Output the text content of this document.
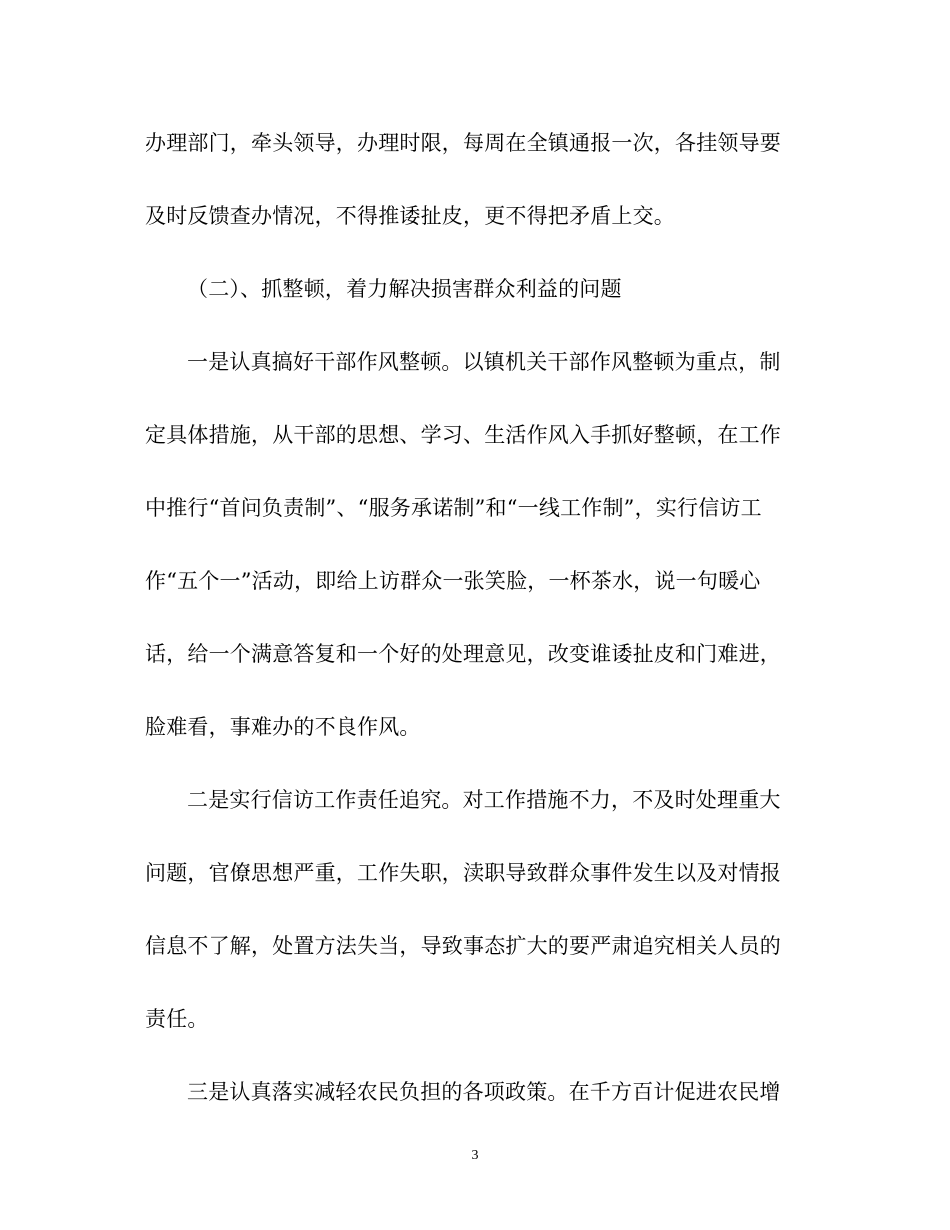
办理部门，牵头领导，办理时限，每周在全镇通报一次，各挂领导要
及时反馈查办情况，不得推诿扯皮，更不得把矛盾上交。
（二）、抓整顿，着力解决损害群众利益的问题
一是认真搞好干部作风整顿。以镇机关干部作风整顿为重点，制
定具体措施，从干部的思想、学习、生活作风入手抓好整顿，在工作
中推行“首问负责制”、“服务承诺制”和“一线工作制”，实行信访工
作“五个一”活动，即给上访群众一张笑脸，一杯茶水，说一句暖心
话，给一个满意答复和一个好的处理意见，改变谁诿扯皮和门难进，
脸难看，事难办的不良作风。
二是实行信访工作责任追究。对工作措施不力，不及时处理重大
问题，官僚思想严重，工作失职，渎职导致群众事件发生以及对情报
信息不了解，处置方法失当，导致事态扩大的要严肃追究相关人员的
责任。
三是认真落实减轻农民负担的各项政策。在千方百计促进农民增
3
